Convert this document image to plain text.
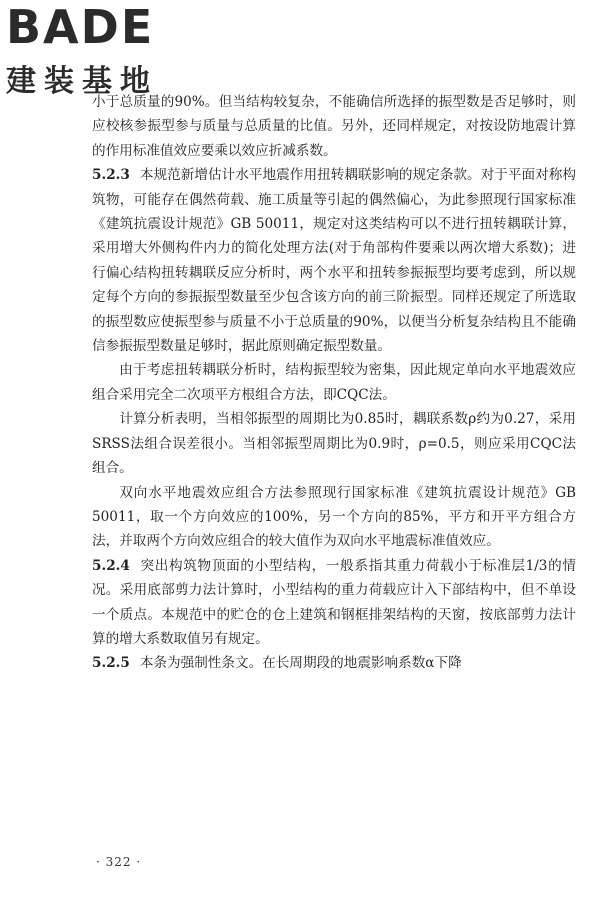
BADE
建装基地

小于总质量的90%。但当结构较复杂，不能确信所选择的振型数是否足够时，则应校核参振型参与质量与总质量的比值。另外，还同样规定，对按设防地震计算的作用标准值效应要乘以效应折减系数。

5.2.3 本规范新增估计水平地震作用扭转耦联影响的规定条款。对于平面对称构筑物，可能存在偶然荷载、施工质量等引起的偶然偏心，为此参照现行国家标准《建筑抗震设计规范》GB 50011，规定对这类结构可以不进行扭转耦联计算，采用增大外侧构件内力的简化处理方法(对于角部构件要乘以两次增大系数)；进行偏心结构扭转耦联反应分析时，两个水平和扭转参振振型均要考虑到，所以规定每个方向的参振振型数量至少包含该方向的前三阶振型。同样还规定了所选取的振型数应使振型参与质量不小于总质量的90%，以便当分析复杂结构且不能确信参振振型数量足够时，据此原则确定振型数量。

由于考虑扭转耦联分析时，结构振型较为密集，因此规定单向水平地震效应组合采用完全二次项平方根组合方法，即CQC法。

计算分析表明，当相邻振型的周期比为0.85时，耦联系数ρ约为0.27，采用SRSS法组合误差很小。当相邻振型周期比为0.9时，ρ=0.5，则应采用CQC法组合。

双向水平地震效应组合方法参照现行国家标准《建筑抗震设计规范》GB 50011，取一个方向效应的100%，另一个方向的85%，平方和开平方组合方法，并取两个方向效应组合的较大值作为双向水平地震标准值效应。

5.2.4 突出构筑物顶面的小型结构，一般系指其重力荷载小于标准层1/3的情况。采用底部剪力法计算时，小型结构的重力荷载应计入下部结构中，但不单设一个质点。本规范中的贮仓的仓上建筑和钢框排架结构的天窗，按底部剪力法计算的增大系数取值另有规定。

5.2.5 本条为强制性条文。在长周期段的地震影响系数α下降

· 322 ·
